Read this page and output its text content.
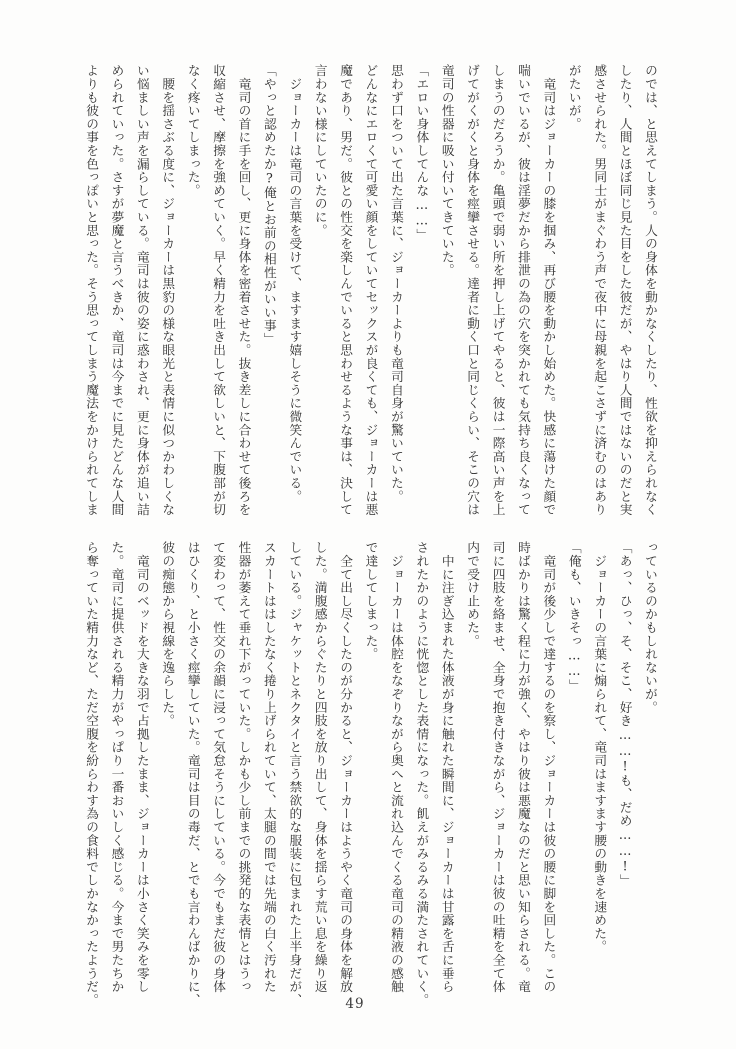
のでは、と思えてしまう。人の身体を動かなくしたり、性欲を抑えられなく
したり、人間とほぼ同じ見た目をした彼だが、やはり人間ではないのだと実
感させられた。男同士がまぐわう声で夜中に母親を起こさずに済むのはあり
がたいが。
　竜司はジョーカーの膝を掴み、再び腰を動かし始めた。快感に蕩けた顔で
喘いでいるが、彼は淫夢だから排泄の為の穴を突かれても気持ち良くなって
しまうのだろうか。亀頭で弱い所を押し上げてやると、彼は一際高い声を上
げてがくがくと身体を痙攣させる。達者に動く口と同じくらい、そこの穴は
竜司の性器に吸い付いてきていた。
「エロい身体してんな……」
思わず口をついて出た言葉に、ジョーカーよりも竜司自身が驚いていた。
どんなにエロくて可愛い顔をしていてセックスが良くても、ジョーカーは悪
魔であり、男だ。彼との性交を楽しんでいると思わせるような事は、決して
言わない様にしていたのに。
　ジョーカーは竜司の言葉を受けて、ますます嬉しそうに微笑んでいる。
「やっと認めたか?俺とお前の相性がいい事」
　竜司の首に手を回し、更に身体を密着させた。抜き差しに合わせて後ろを
収縮させ、摩擦を強めていく。早く精力を吐き出して欲しいと、下腹部が切
なく疼いてしまった。
　腰を揺さぶる度に、ジョーカーは黒豹の様な眼光と表情に似つかわしくな
い悩ましい声を漏らしている。竜司は彼の姿に惑わされ、更に身体が追い詰
められていった。さすが夢魔と言うべきか、竜司は今までに見たどんな人間
よりも彼の事を色っぽいと思った。そう思ってしまう魔法をかけられてしま
っているのかもしれないが。
「あっ、ひっ、そ、そこ、好き……!も、だめ……!」
　ジョーカーの言葉に煽られて、竜司はますます腰の動きを速めた。
「俺も、いきそっ……」
　竜司が後少しで達するのを察し、ジョーカーは彼の腰に脚を回した。この
時ばかりは驚く程に力が強く、やはり彼は悪魔なのだと思い知らされる。竜
司に四肢を絡ませ、全身で抱き付きながら、ジョーカーは彼の吐精を全て体
内で受け止めた。
　中に注ぎ込まれた体液が身に触れた瞬間に、ジョーカーは甘露を舌に垂ら
されたかのように恍惚とした表情になった。飢えがみるみる満たされていく。
　ジョーカーは体腔をなぞりながら奥へと流れ込んでくる竜司の精液の感触
で達してしまった。
　全て出し尽くしたのが分かると、ジョーカーはようやく竜司の身体を解放
した。満腹感からぐたりと四肢を放り出して、身体を揺らす荒い息を繰り返
している。ジャケットとネクタイと言う禁欲的な服装に包まれた上半身だが、
スカートははしたなく捲り上げられていて、太腿の間では先端の白く汚れた
性器が萎えて垂れ下がっていた。しかも少し前までの挑発的な表情とはうっ
て変わって、性交の余韻に浸って気怠そうにしている。今でもまだ彼の身体
はひくり、と小さく痙攣していた。竜司は目の毒だ、とでも言わんばかりに、
彼の痴態から視線を逸らした。
　竜司のベッドを大きな羽で占拠したまま、ジョーカーは小さく笑みを零し
た。竜司に提供される精力がやっぱり一番おいしく感じる。今まで男たちか
ら奪っていた精力など、ただ空腹を紛らわす為の食料でしかなかったようだ。	49
